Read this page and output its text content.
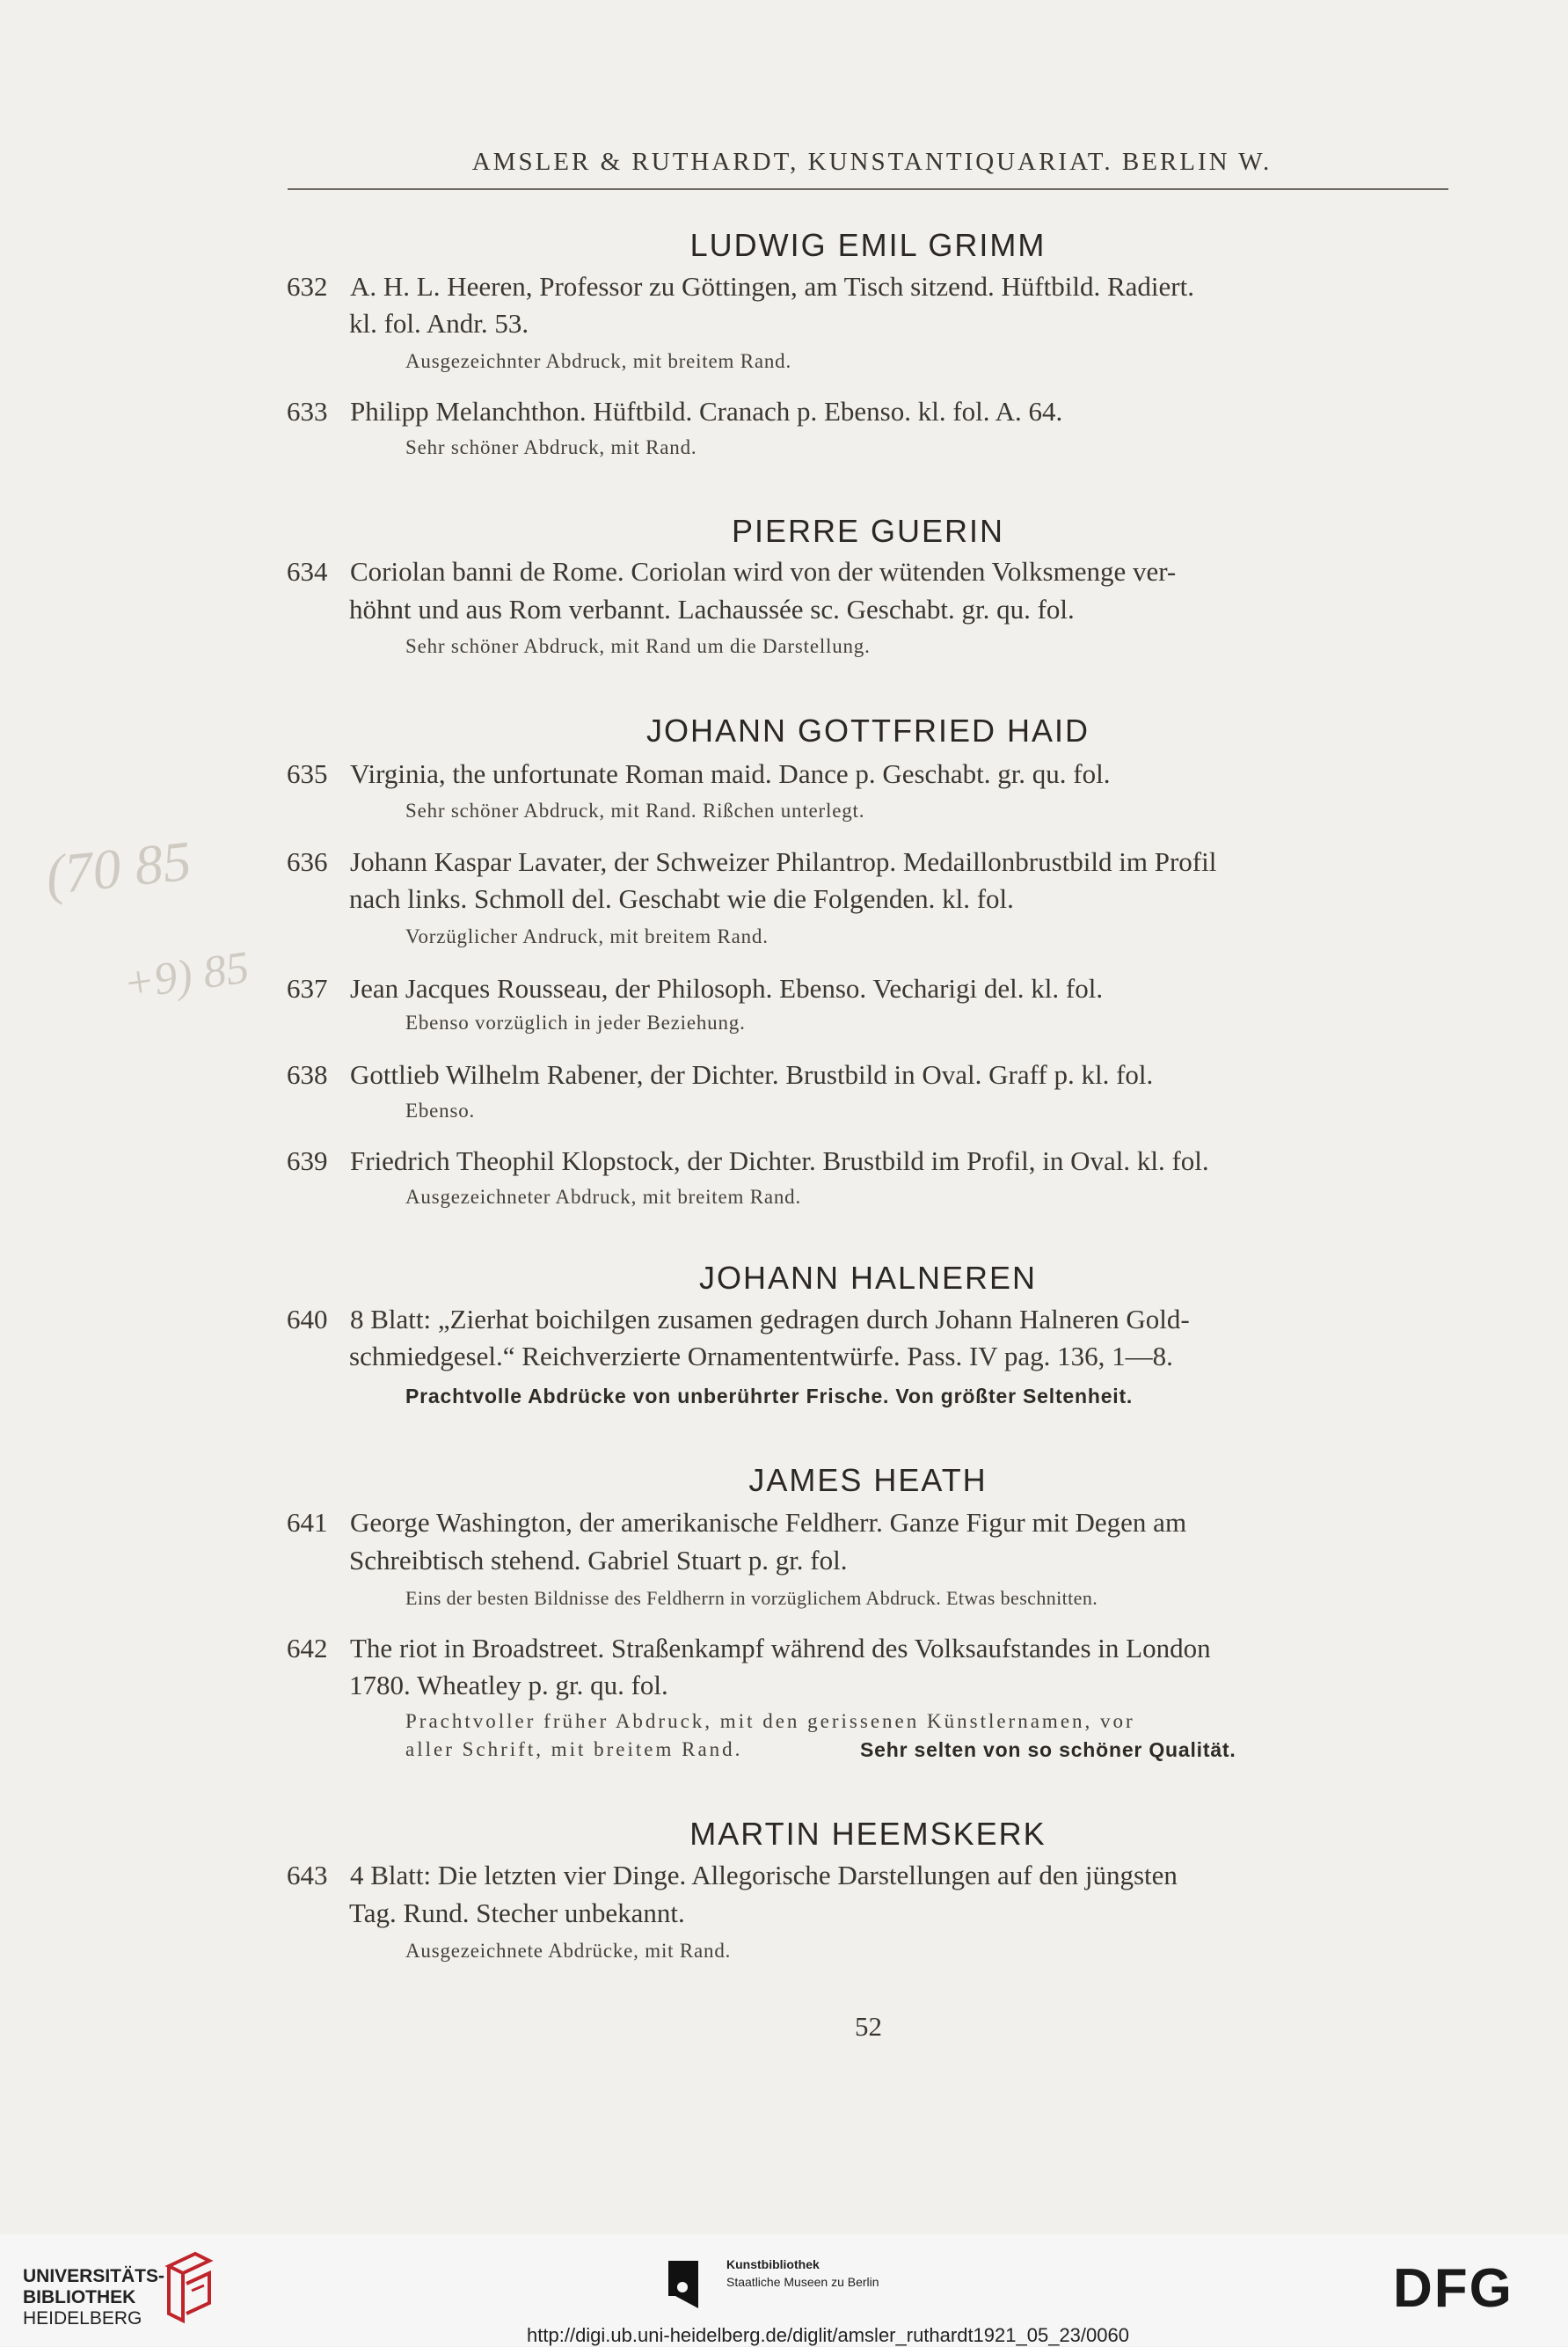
(70 85
+9) 85
AMSLER & RUTHARDT, KUNSTANTIQUARIAT. BERLIN W.
LUDWIG EMIL GRIMM
632 A. H. L. Heeren, Professor zu Göttingen, am Tisch sitzend. Hüftbild. Radiert.
kl. fol. Andr. 53.
Ausgezeichnter Abdruck, mit breitem Rand.
633 Philipp Melanchthon. Hüftbild. Cranach p. Ebenso. kl. fol. A. 64.
Sehr schöner Abdruck, mit Rand.
PIERRE GUERIN
634 Coriolan banni de Rome. Coriolan wird von der wütenden Volksmenge ver-
höhnt und aus Rom verbannt. Lachaussée sc. Geschabt. gr. qu. fol.
Sehr schöner Abdruck, mit Rand um die Darstellung.
JOHANN GOTTFRIED HAID
635 Virginia, the unfortunate Roman maid. Dance p. Geschabt. gr. qu. fol.
Sehr schöner Abdruck, mit Rand. Rißchen unterlegt.
636 Johann Kaspar Lavater, der Schweizer Philantrop. Medaillonbrustbild im Profil
nach links. Schmoll del. Geschabt wie die Folgenden. kl. fol.
Vorzüglicher Andruck, mit breitem Rand.
637 Jean Jacques Rousseau, der Philosoph. Ebenso. Vecharigi del. kl. fol.
Ebenso vorzüglich in jeder Beziehung.
638 Gottlieb Wilhelm Rabener, der Dichter. Brustbild in Oval. Graff p. kl. fol.
Ebenso.
639 Friedrich Theophil Klopstock, der Dichter. Brustbild im Profil, in Oval. kl. fol.
Ausgezeichneter Abdruck, mit breitem Rand.
JOHANN HALNEREN
640 8 Blatt: „Zierhat boichilgen zusamen gedragen durch Johann Halneren Gold-
schmiedgesel.“ Reichverzierte Ornamententwürfe. Pass. IV pag. 136, 1—8.
Prachtvolle Abdrücke von unberührter Frische. Von größter Seltenheit.
JAMES HEATH
641 George Washington, der amerikanische Feldherr. Ganze Figur mit Degen am
Schreibtisch stehend. Gabriel Stuart p. gr. fol.
Eins der besten Bildnisse des Feldherrn in vorzüglichem Abdruck. Etwas beschnitten.
642 The riot in Broadstreet. Straßenkampf während des Volksaufstandes in London
1780. Wheatley p. gr. qu. fol.
Prachtvoller früher Abdruck, mit den gerissenen Künstlernamen, vor
aller Schrift, mit breitem Rand.	Sehr selten von so schöner Qualität.
MARTIN HEEMSKERK
643 4 Blatt: Die letzten vier Dinge. Allegorische Darstellungen auf den jüngsten
Tag. Rund. Stecher unbekannt.
Ausgezeichnete Abdrücke, mit Rand.
52
UNIVERSITÄTS-
BIBLIOTHEK
HEIDELBERG
Kunstbibliothek
Staatliche Museen zu Berlin	DFG
http://digi.ub.uni-heidelberg.de/diglit/amsler_ruthardt1921_05_23/0060
